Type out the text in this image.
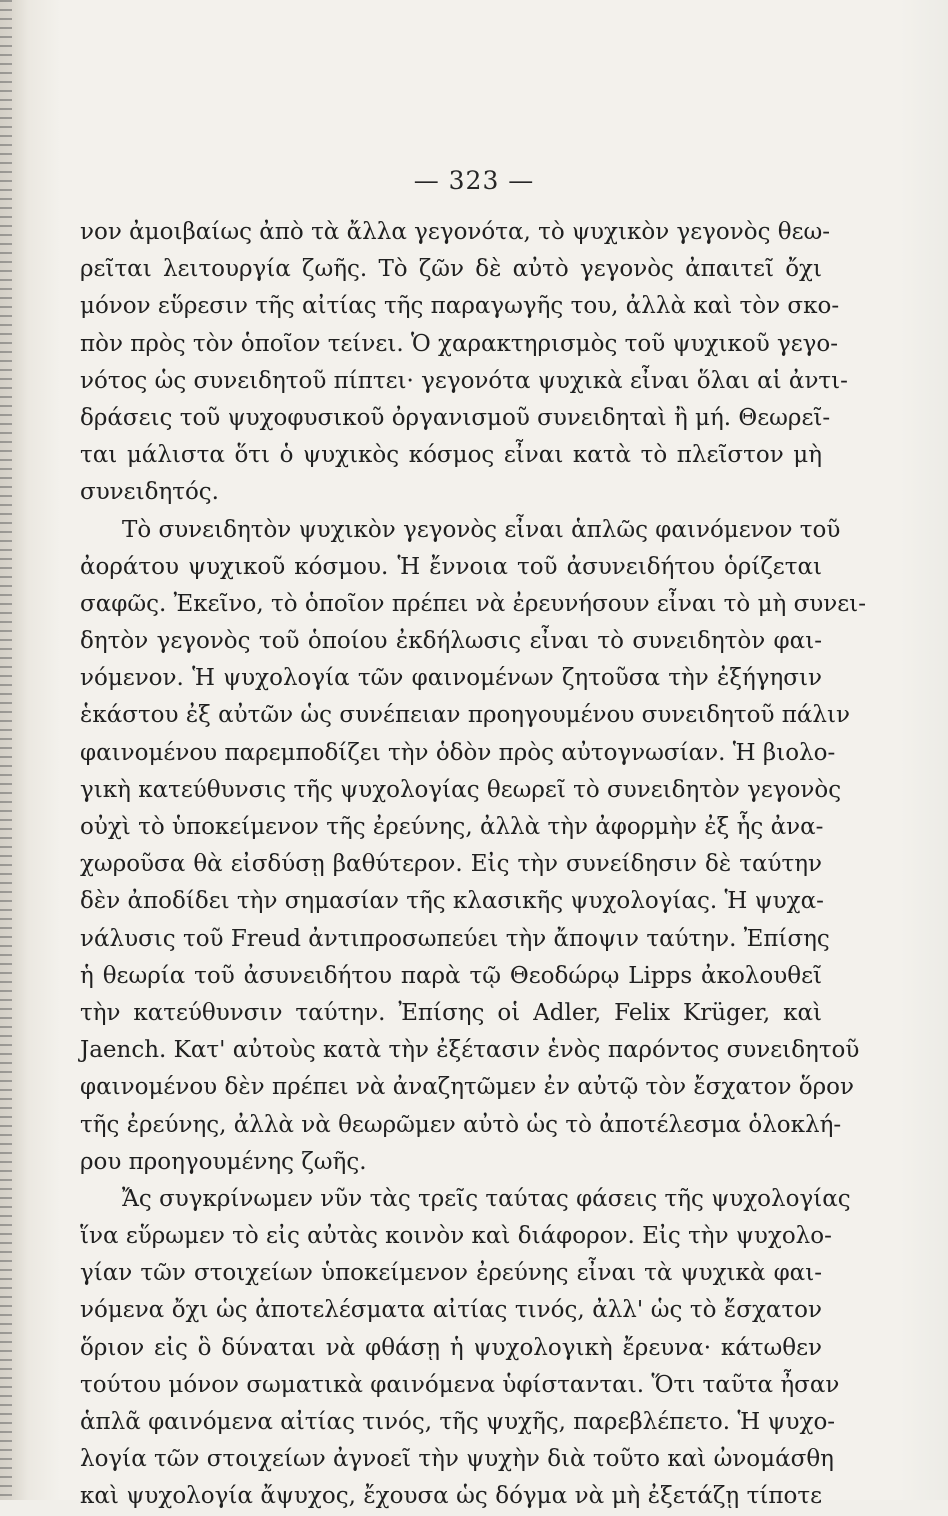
— 323 —
νον ἀμοιβαίως ἀπὸ τὰ ἄλλα γεγονότα, τὸ ψυχικὸν γεγονὸς θεω-
ρεῖται λειτουργία ζωῆς. Τὸ ζῶν δὲ αὐτὸ γεγονὸς ἀπαιτεῖ ὄχι
μόνον εὕρεσιν τῆς αἰτίας τῆς παραγωγῆς του, ἀλλὰ καὶ τὸν σκο-
πὸν πρὸς τὸν ὁποῖον τείνει. Ὁ χαρακτηρισμὸς τοῦ ψυχικοῦ γεγο-
νότος ὡς συνειδητοῦ πίπτει· γεγονότα ψυχικὰ εἶναι ὅλαι αἱ ἀντι-
δράσεις τοῦ ψυχοφυσικοῦ ὀργανισμοῦ συνειδηταὶ ἢ μή. Θεωρεῖ-
ται μάλιστα ὅτι ὁ ψυχικὸς κόσμος εἶναι κατὰ τὸ πλεῖστον μὴ
συνειδητός.
Τὸ συνειδητὸν ψυχικὸν γεγονὸς εἶναι ἁπλῶς φαινόμενον τοῦ
ἀοράτου ψυχικοῦ κόσμου. Ἡ ἔννοια τοῦ ἀσυνειδήτου ὁρίζεται
σαφῶς. Ἐκεῖνο, τὸ ὁποῖον πρέπει νὰ ἐρευνήσουν εἶναι τὸ μὴ συνει-
δητὸν γεγονὸς τοῦ ὁποίου ἐκδήλωσις εἶναι τὸ συνειδητὸν φαι-
νόμενον. Ἡ ψυχολογία τῶν φαινομένων ζητοῦσα τὴν ἐξήγησιν
ἑκάστου ἐξ αὐτῶν ὡς συνέπειαν προηγουμένου συνειδητοῦ πάλιν
φαινομένου παρεμποδίζει τὴν ὁδὸν πρὸς αὐτογνωσίαν. Ἡ βιολο-
γικὴ κατεύθυνσις τῆς ψυχολογίας θεωρεῖ τὸ συνειδητὸν γεγονὸς
οὐχὶ τὸ ὑποκείμενον τῆς ἐρεύνης, ἀλλὰ τὴν ἀφορμὴν ἐξ ἧς ἀνα-
χωροῦσα θὰ εἰσδύσῃ βαθύτερον. Εἰς τὴν συνείδησιν δὲ ταύτην
δὲν ἀποδίδει τὴν σημασίαν τῆς κλασικῆς ψυχολογίας. Ἡ ψυχα-
νάλυσις τοῦ Freud ἀντιπροσωπεύει τὴν ἄποψιν ταύτην. Ἐπίσης
ἡ θεωρία τοῦ ἀσυνειδήτου παρὰ τῷ Θεοδώρῳ Lipps ἀκολουθεῖ
τὴν κατεύθυνσιν ταύτην. Ἐπίσης οἱ Adler, Felix Krüger, καὶ
Jaench. Κατ' αὐτοὺς κατὰ τὴν ἐξέτασιν ἑνὸς παρόντος συνειδητοῦ
φαινομένου δὲν πρέπει νὰ ἀναζητῶμεν ἐν αὐτῷ τὸν ἔσχατον ὅρον
τῆς ἐρεύνης, ἀλλὰ νὰ θεωρῶμεν αὐτὸ ὡς τὸ ἀποτέλεσμα ὁλοκλή-
ρου προηγουμένης ζωῆς.
Ἄς συγκρίνωμεν νῦν τὰς τρεῖς ταύτας φάσεις τῆς ψυχολογίας
ἵνα εὕρωμεν τὸ εἰς αὐτὰς κοινὸν καὶ διάφορον. Εἰς τὴν ψυχολο-
γίαν τῶν στοιχείων ὑποκείμενον ἐρεύνης εἶναι τὰ ψυχικὰ φαι-
νόμενα ὄχι ὡς ἀποτελέσματα αἰτίας τινός, ἀλλ' ὡς τὸ ἔσχατον
ὅριον εἰς ὃ δύναται νὰ φθάσῃ ἡ ψυχολογικὴ ἔρευνα· κάτωθεν
τούτου μόνον σωματικὰ φαινόμενα ὑφίστανται. Ὅτι ταῦτα ἦσαν
ἁπλᾶ φαινόμενα αἰτίας τινός, τῆς ψυχῆς, παρεβλέπετο. Ἡ ψυχο-
λογία τῶν στοιχείων ἀγνοεῖ τὴν ψυχὴν διὰ τοῦτο καὶ ὠνομάσθη
καὶ ψυχολογία ἄψυχος, ἔχουσα ὡς δόγμα νὰ μὴ ἐξετάζῃ τίποτε
